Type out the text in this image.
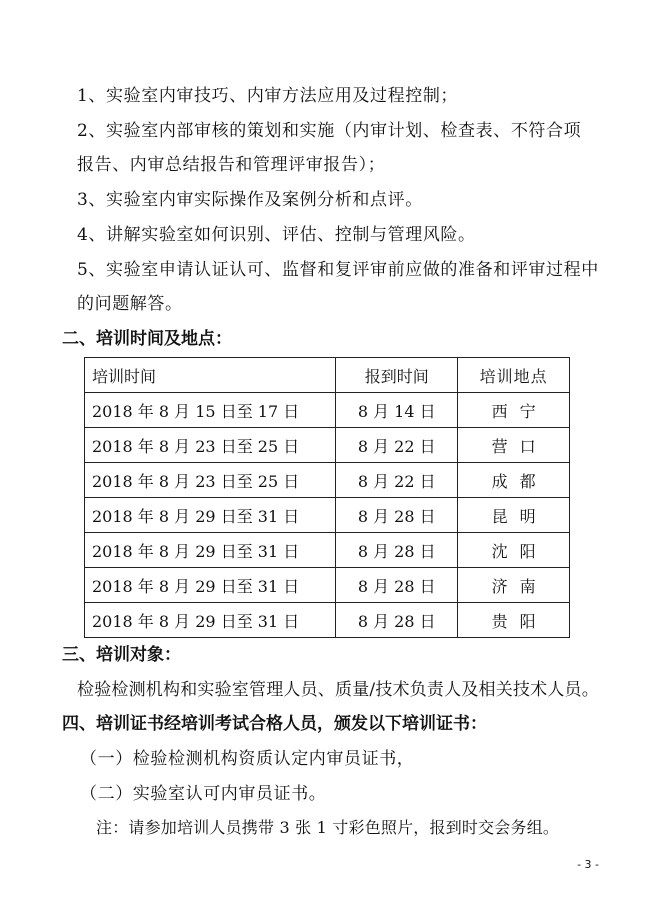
1、实验室内审技巧、内审方法应用及过程控制；
2、实验室内部审核的策划和实施（内审计划、检查表、不符合项
报告、内审总结报告和管理评审报告）；
3、实验室内审实际操作及案例分析和点评。
4、讲解实验室如何识别、评估、控制与管理风险。
5、实验室申请认证认可、监督和复评审前应做的准备和评审过程中
的问题解答。
二、培训时间及地点：
培训时间	报到时间	培训地点
2018 年 8 月 15 日至 17 日	8 月 14 日	西宁
2018 年 8 月 23 日至 25 日	8 月 22 日	营口
2018 年 8 月 23 日至 25 日	8 月 22 日	成都
2018 年 8 月 29 日至 31 日	8 月 28 日	昆明
2018 年 8 月 29 日至 31 日	8 月 28 日	沈阳
2018 年 8 月 29 日至 31 日	8 月 28 日	济南
2018 年 8 月 29 日至 31 日	8 月 28 日	贵阳
三、培训对象：
检验检测机构和实验室管理人员、质量/技术负责人及相关技术人员。
四、培训证书经培训考试合格人员，颁发以下培训证书：
（一）检验检测机构资质认定内审员证书，
（二）实验室认可内审员证书。
注：请参加培训人员携带 3 张 1 寸彩色照片，报到时交会务组。
- 3 -
